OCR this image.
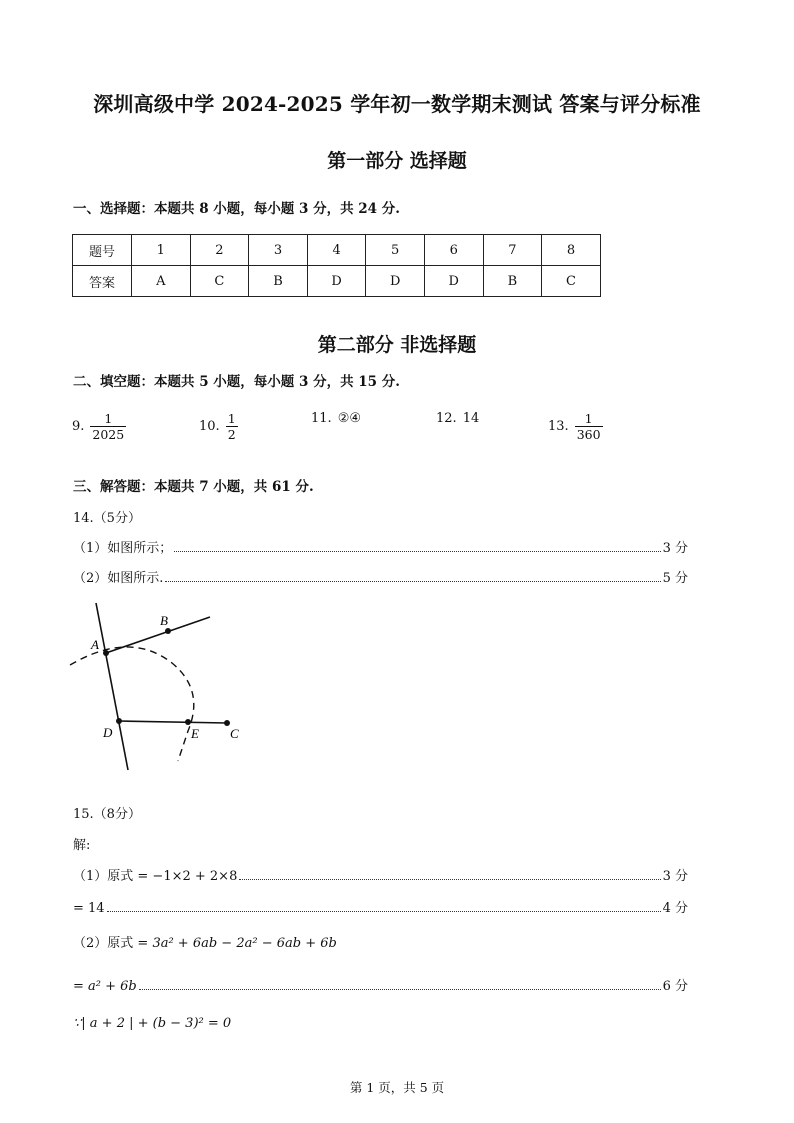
深圳高级中学 2024-2025 学年初一数学期末测试 答案与评分标准
第一部分 选择题
一、选择题：本题共 8 小题，每小题 3 分，共 24 分.
题号	1	2	3	4	5	6	7	8
答案	A	C	B	D	D	D	B	C
第二部分 非选择题
二、填空题：本题共 5 小题，每小题 3 分，共 15 分.
9. $\frac{1}{2025}$	10. $\frac{1}{2}$	11. ②④	12. 14
13. $\frac{1}{360}$
三、解答题：本题共 7 小题，共 61 分.
14.（5分）
（1）如图所示；	3 分
（2）如图所示.	5 分
A
B
D	E C
15.（8分）
解:
（1）原式 = −1×2 + 2×8	3 分
= 14	4 分
（2）原式 = 3a² + 6ab − 2a² − 6ab + 6b
= a² + 6b	6 分
∵| a + 2 | + (b − 3)² = 0
第 1 页，共 5 页
